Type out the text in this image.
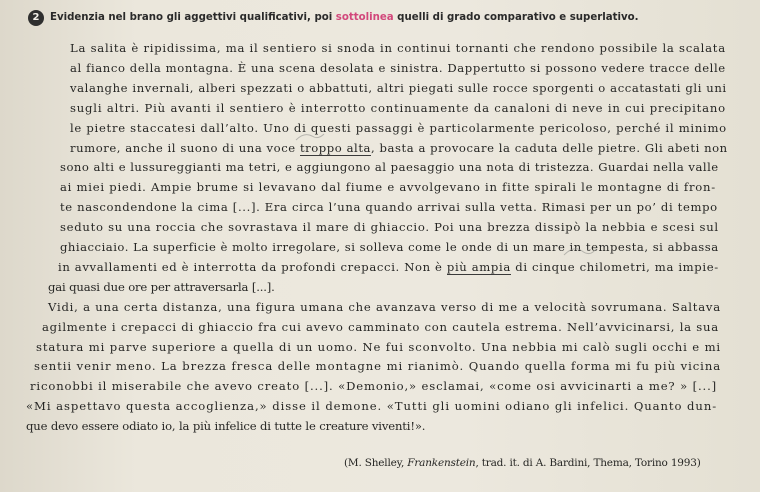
2	Evidenzia nel brano gli aggettivi qualificativi, poi sottolinea quelli di grado comparativo e superlativo.
La salita è ripidissima, ma il sentiero si snoda in continui tornanti che rendono possibile la scalata
al fianco della montagna. È una scena desolata e sinistra. Dappertutto si possono vedere tracce delle
valanghe invernali, alberi spezzati o abbattuti, altri piegati sulle rocce sporgenti o accatastati gli uni
sugli altri. Più avanti il sentiero è interrotto continuamente da canaloni di neve in cui precipitano
le pietre staccatesi dall’alto. Uno di questi passaggi è particolarmente pericoloso, perché il minimo
rumore, anche il suono di una voce troppo alta, basta a provocare la caduta delle pietre. Gli abeti non
sono alti e lussureggianti ma tetri, e aggiungono al paesaggio una nota di tristezza. Guardai nella valle
ai miei piedi. Ampie brume si levavano dal fiume e avvolgevano in fitte spirali le montagne di fron-
te nascondendone la cima [...]. Era circa l’una quando arrivai sulla vetta. Rimasi per un po’ di tempo
seduto su una roccia che sovrastava il mare di ghiaccio. Poi una brezza dissipò la nebbia e scesi sul
ghiacciaio. La superficie è molto irregolare, si solleva come le onde di un mare in tempesta, si abbassa
in avvallamenti ed è interrotta da profondi crepacci. Non è più ampia di cinque chilometri, ma impie-
gai quasi due ore per attraversarla [...].
Vidi, a una certa distanza, una figura umana che avanzava verso di me a velocità sovrumana. Saltava
agilmente i crepacci di ghiaccio fra cui avevo camminato con cautela estrema. Nell’avvicinarsi, la sua
statura mi parve superiore a quella di un uomo. Ne fui sconvolto. Una nebbia mi calò sugli occhi e mi
sentii venir meno. La brezza fresca delle montagne mi rianimò. Quando quella forma mi fu più vicina
riconobbi il miserabile che avevo creato [...]. «Demonio,» esclamai, «come osi avvicinarti a me? » [...]
«Mi aspettavo questa accoglienza,» disse il demone. «Tutti gli uomini odiano gli infelici. Quanto dun-
que devo essere odiato io, la più infelice di tutte le creature viventi!».
(M. Shelley, Frankenstein, trad. it. di A. Bardini, Thema, Torino 1993)
